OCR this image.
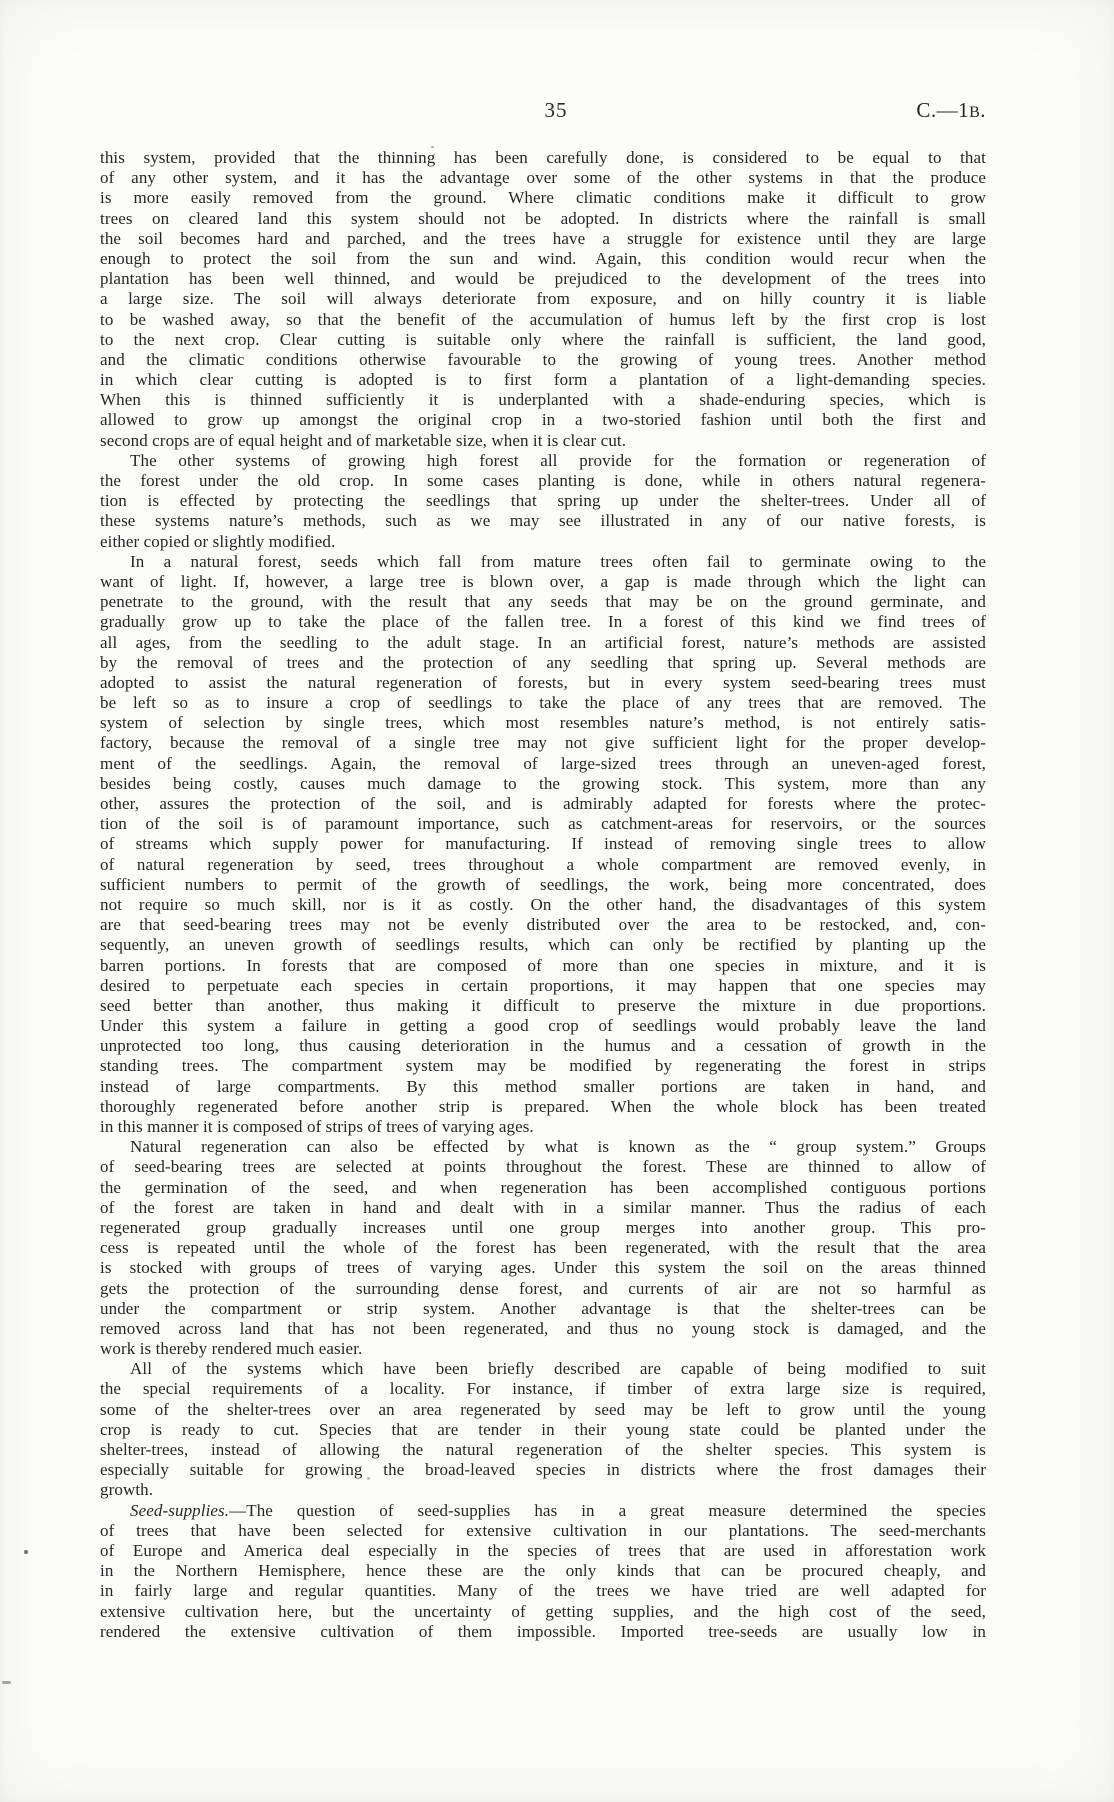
35	C.—1B.
this system, provided that the thinning has been carefully done, is considered to be equal to that
of any other system, and it has the advantage over some of the other systems in that the produce
is more easily removed from the ground. Where climatic conditions make it difficult to grow
trees on cleared land this system should not be adopted. In districts where the rainfall is small
the soil becomes hard and parched, and the trees have a struggle for existence until they are large
enough to protect the soil from the sun and wind. Again, this condition would recur when the
plantation has been well thinned, and would be prejudiced to the development of the trees into
a large size. The soil will always deteriorate from exposure, and on hilly country it is liable
to be washed away, so that the benefit of the accumulation of humus left by the first crop is lost
to the next crop. Clear cutting is suitable only where the rainfall is sufficient, the land good,
and the climatic conditions otherwise favourable to the growing of young trees. Another method
in which clear cutting is adopted is to first form a plantation of a light-demanding species.
When this is thinned sufficiently it is underplanted with a shade-enduring species, which is
allowed to grow up amongst the original crop in a two-storied fashion until both the first and
second crops are of equal height and of marketable size, when it is clear cut.
The other systems of growing high forest all provide for the formation or regeneration of
the forest under the old crop. In some cases planting is done, while in others natural regenera-
tion is effected by protecting the seedlings that spring up under the shelter-trees. Under all of
these systems nature’s methods, such as we may see illustrated in any of our native forests, is
either copied or slightly modified.
In a natural forest, seeds which fall from mature trees often fail to germinate owing to the
want of light. If, however, a large tree is blown over, a gap is made through which the light can
penetrate to the ground, with the result that any seeds that may be on the ground germinate, and
gradually grow up to take the place of the fallen tree. In a forest of this kind we find trees of
all ages, from the seedling to the adult stage. In an artificial forest, nature’s methods are assisted
by the removal of trees and the protection of any seedling that spring up. Several methods are
adopted to assist the natural regeneration of forests, but in every system seed-bearing trees must
be left so as to insure a crop of seedlings to take the place of any trees that are removed. The
system of selection by single trees, which most resembles nature’s method, is not entirely satis-
factory, because the removal of a single tree may not give sufficient light for the proper develop-
ment of the seedlings. Again, the removal of large-sized trees through an uneven-aged forest,
besides being costly, causes much damage to the growing stock. This system, more than any
other, assures the protection of the soil, and is admirably adapted for forests where the protec-
tion of the soil is of paramount importance, such as catchment-areas for reservoirs, or the sources
of streams which supply power for manufacturing. If instead of removing single trees to allow
of natural regeneration by seed, trees throughout a whole compartment are removed evenly, in
sufficient numbers to permit of the growth of seedlings, the work, being more concentrated, does
not require so much skill, nor is it as costly. On the other hand, the disadvantages of this system
are that seed-bearing trees may not be evenly distributed over the area to be restocked, and, con-
sequently, an uneven growth of seedlings results, which can only be rectified by planting up the
barren portions. In forests that are composed of more than one species in mixture, and it is
desired to perpetuate each species in certain proportions, it may happen that one species may
seed better than another, thus making it difficult to preserve the mixture in due proportions.
Under this system a failure in getting a good crop of seedlings would probably leave the land
unprotected too long, thus causing deterioration in the humus and a cessation of growth in the
standing trees. The compartment system may be modified by regenerating the forest in strips
instead of large compartments. By this method smaller portions are taken in hand, and
thoroughly regenerated before another strip is prepared. When the whole block has been treated
in this manner it is composed of strips of trees of varying ages.
Natural regeneration can also be effected by what is known as the “ group system.” Groups
of seed-bearing trees are selected at points throughout the forest. These are thinned to allow of
the germination of the seed, and when regeneration has been accomplished contiguous portions
of the forest are taken in hand and dealt with in a similar manner. Thus the radius of each
regenerated group gradually increases until one group merges into another group. This pro-
cess is repeated until the whole of the forest has been regenerated, with the result that the area
is stocked with groups of trees of varying ages. Under this system the soil on the areas thinned
gets the protection of the surrounding dense forest, and currents of air are not so harmful as
under the compartment or strip system. Another advantage is that the shelter-trees can be
removed across land that has not been regenerated, and thus no young stock is damaged, and the
work is thereby rendered much easier.
All of the systems which have been briefly described are capable of being modified to suit
the special requirements of a locality. For instance, if timber of extra large size is required,
some of the shelter-trees over an area regenerated by seed may be left to grow until the young
crop is ready to cut. Species that are tender in their young state could be planted under the
shelter-trees, instead of allowing the natural regeneration of the shelter species. This system is
especially suitable for growing the broad-leaved species in districts where the frost damages their
growth.
Seed-supplies.—The question of seed-supplies has in a great measure determined the species
of trees that have been selected for extensive cultivation in our plantations. The seed-merchants
of Europe and America deal especially in the species of trees that are used in afforestation work
in the Northern Hemisphere, hence these are the only kinds that can be procured cheaply, and
in fairly large and regular quantities. Many of the trees we have tried are well adapted for
extensive cultivation here, but the uncertainty of getting supplies, and the high cost of the seed,
rendered the extensive cultivation of them impossible. Imported tree-seeds are usually low in
